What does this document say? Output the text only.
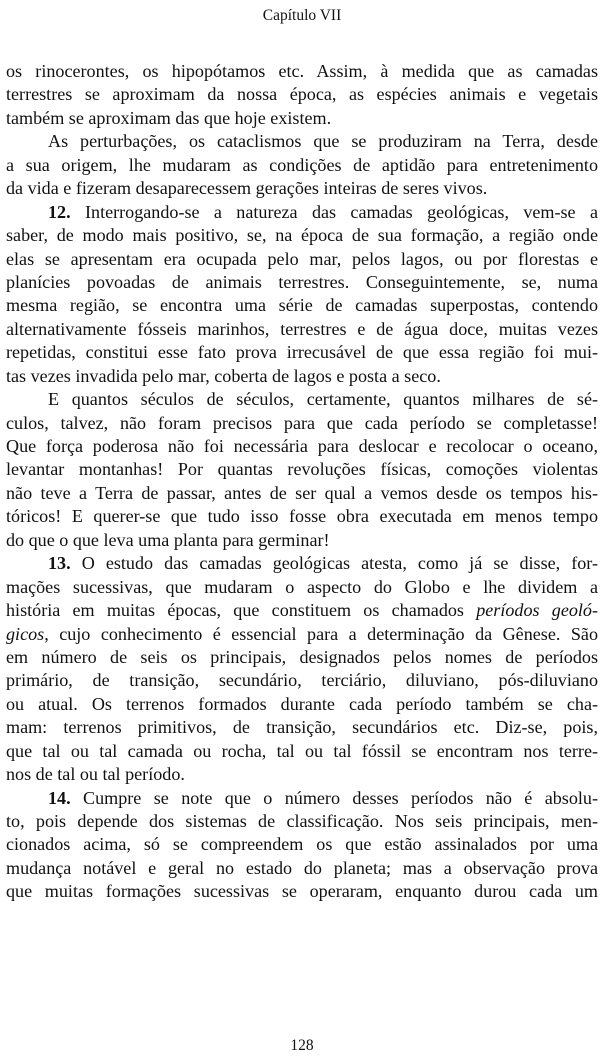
Capítulo VII
os rinocerontes, os hipopótamos etc. Assim, à medida que as camadas
terrestres se aproximam da nossa época, as espécies animais e vegetais
também se aproximam das que hoje existem.
As perturbações, os cataclismos que se produziram na Terra, desde
a sua origem, lhe mudaram as condições de aptidão para entretenimento
da vida e fizeram desaparecessem gerações inteiras de seres vivos.
12. Interrogando-se a natureza das camadas geológicas, vem-se a
saber, de modo mais positivo, se, na época de sua formação, a região onde
elas se apresentam era ocupada pelo mar, pelos lagos, ou por florestas e
planícies povoadas de animais terrestres. Conseguintemente, se, numa
mesma região, se encontra uma série de camadas superpostas, contendo
alternativamente fósseis marinhos, terrestres e de água doce, muitas vezes
repetidas, constitui esse fato prova irrecusável de que essa região foi mui-
tas vezes invadida pelo mar, coberta de lagos e posta a seco.
E quantos séculos de séculos, certamente, quantos milhares de sé-
culos, talvez, não foram precisos para que cada período se completasse!
Que força poderosa não foi necessária para deslocar e recolocar o oceano,
levantar montanhas! Por quantas revoluções físicas, comoções violentas
não teve a Terra de passar, antes de ser qual a vemos desde os tempos his-
tóricos! E querer-se que tudo isso fosse obra executada em menos tempo
do que o que leva uma planta para germinar!
13. O estudo das camadas geológicas atesta, como já se disse, for-
mações sucessivas, que mudaram o aspecto do Globo e lhe dividem a
história em muitas épocas, que constituem os chamados períodos geoló-
gicos, cujo conhecimento é essencial para a determinação da Gênese. São
em número de seis os principais, designados pelos nomes de períodos
primário, de transição, secundário, terciário, diluviano, pós-diluviano
ou atual. Os terrenos formados durante cada período também se cha-
mam: terrenos primitivos, de transição, secundários etc. Diz-se, pois,
que tal ou tal camada ou rocha, tal ou tal fóssil se encontram nos terre-
nos de tal ou tal período.
14. Cumpre se note que o número desses períodos não é absolu-
to, pois depende dos sistemas de classificação. Nos seis principais, men-
cionados acima, só se compreendem os que estão assinalados por uma
mudança notável e geral no estado do planeta; mas a observação prova
que muitas formações sucessivas se operaram, enquanto durou cada um
128
